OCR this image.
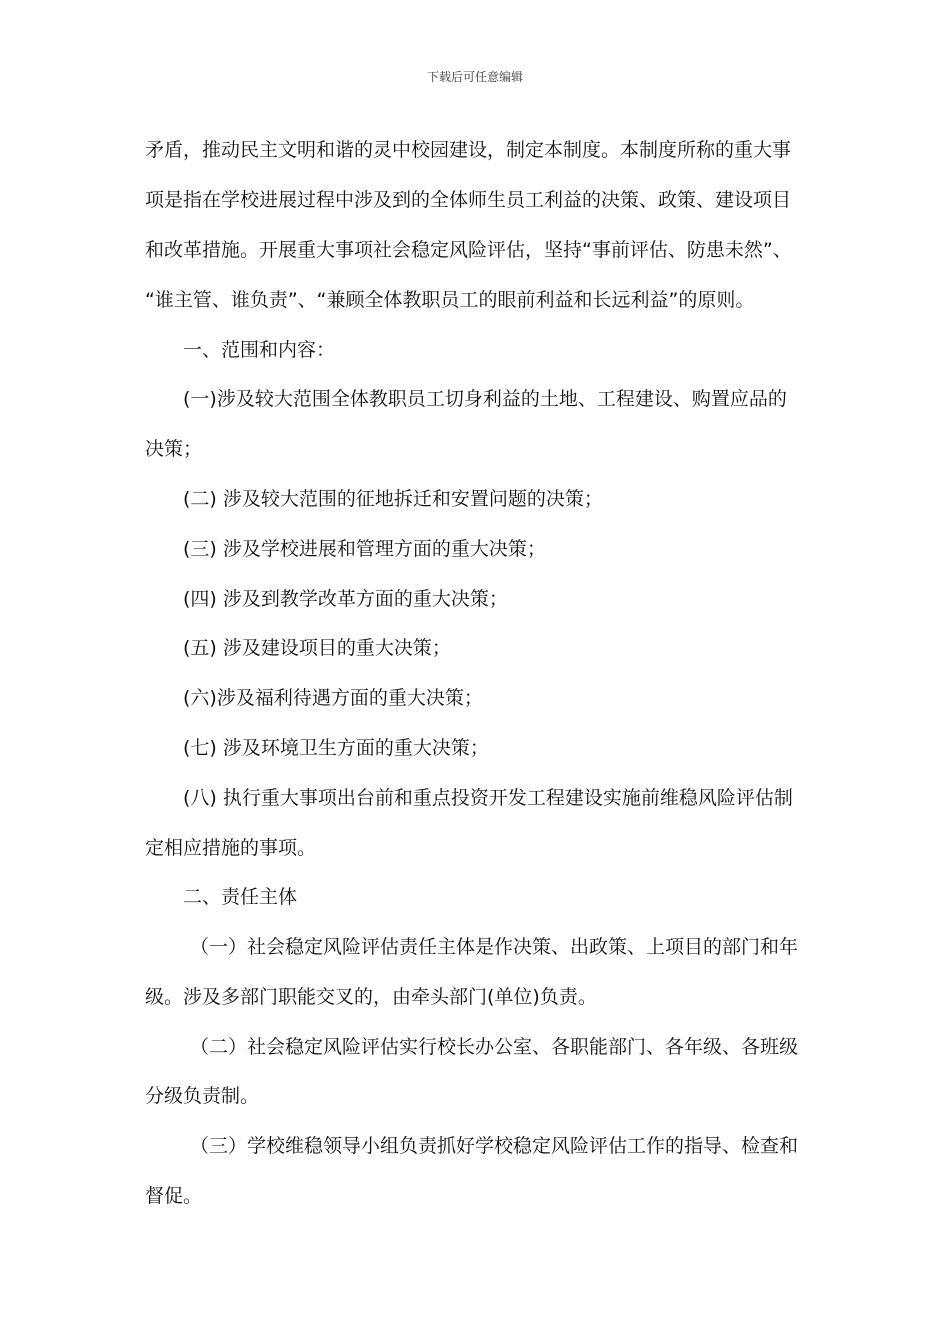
下载后可任意编辑
矛盾，推动民主文明和谐的灵中校园建设，制定本制度。本制度所称的重大事
项是指在学校进展过程中涉及到的全体师生员工利益的决策、政策、建设项目
和改革措施。开展重大事项社会稳定风险评估，坚持“事前评估、防患未然”、
“谁主管、谁负责”、“兼顾全体教职员工的眼前利益和长远利益”的原则。
一、范围和内容：
(一)涉及较大范围全体教职员工切身利益的土地、工程建设、购置应品的
决策；
(二) 涉及较大范围的征地拆迁和安置问题的决策；
(三) 涉及学校进展和管理方面的重大决策；
(四) 涉及到教学改革方面的重大决策；
(五) 涉及建设项目的重大决策；
(六)涉及福利待遇方面的重大决策；
(七) 涉及环境卫生方面的重大决策；
(八) 执行重大事项出台前和重点投资开发工程建设实施前维稳风险评估制
定相应措施的事项。
二、责任主体
（一）社会稳定风险评估责任主体是作决策、出政策、上项目的部门和年
级。涉及多部门职能交叉的，由牵头部门(单位)负责。
（二）社会稳定风险评估实行校长办公室、各职能部门、各年级、各班级
分级负责制。
（三）学校维稳领导小组负责抓好学校稳定风险评估工作的指导、检查和
督促。
